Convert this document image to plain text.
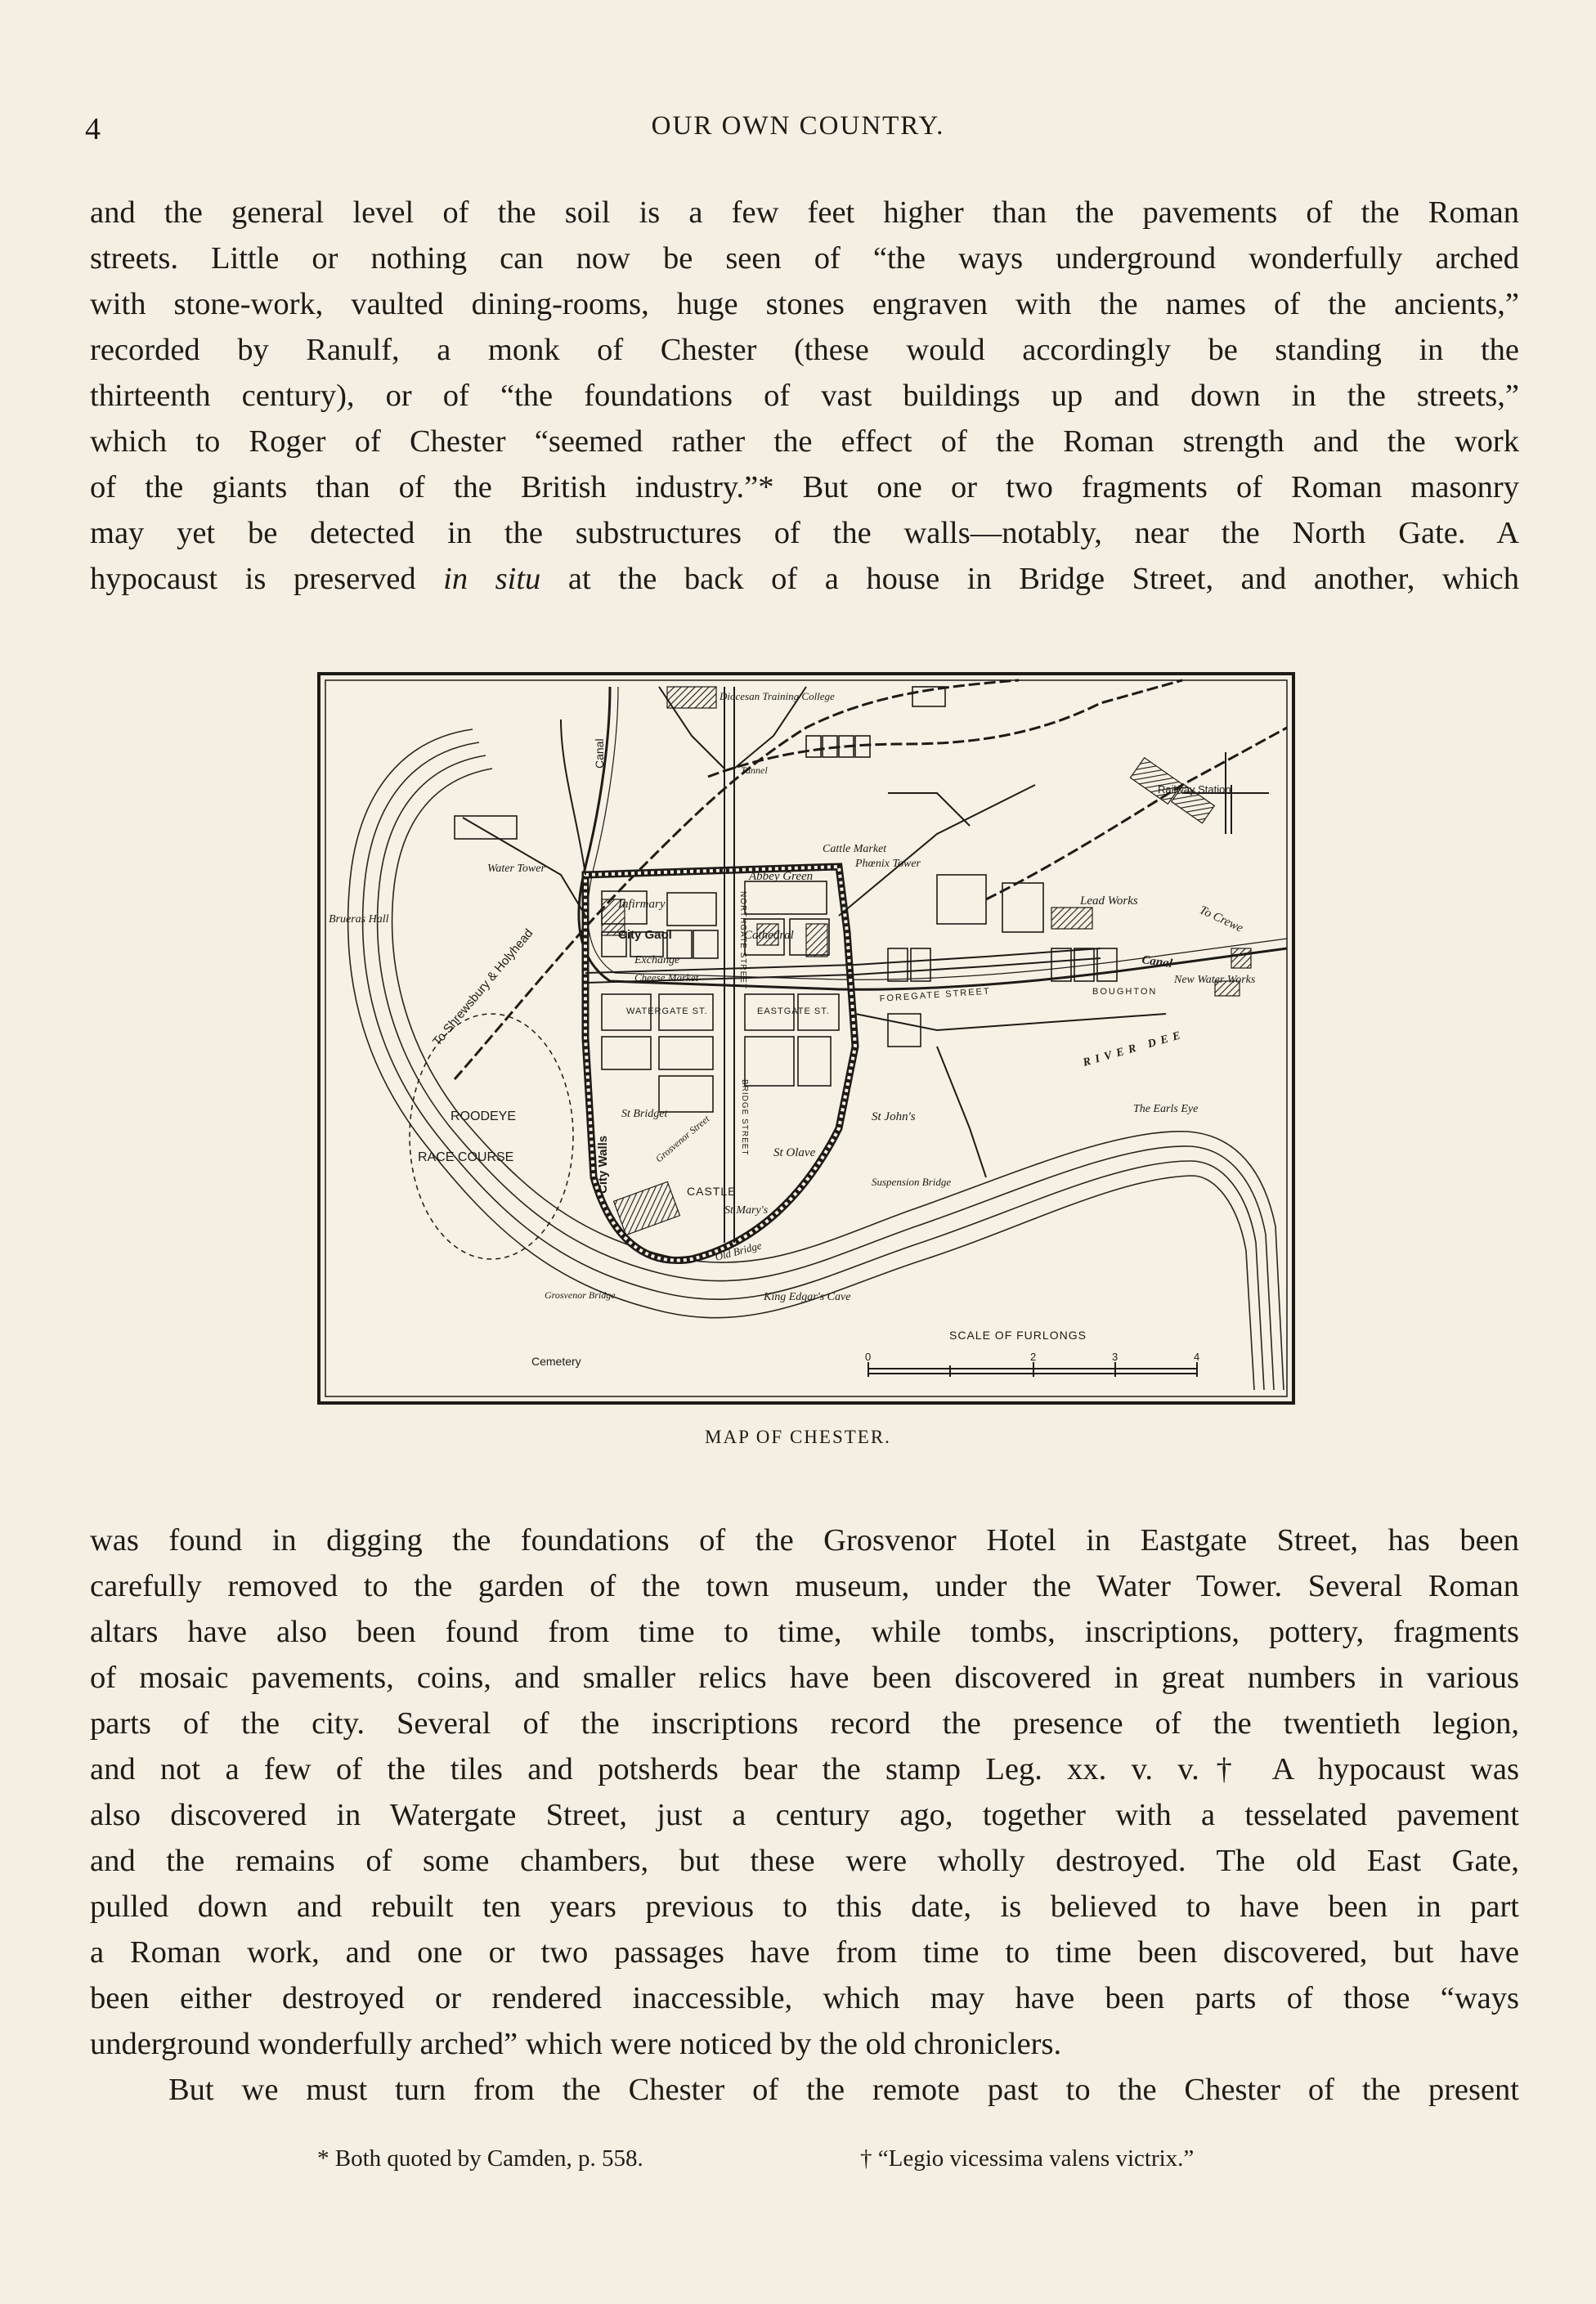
4	OUR OWN COUNTRY.

and the general level of the soil is a few feet higher than the pavements of the Roman
streets. Little or nothing can now be seen of “the ways underground wonderfully arched
with stone-work, vaulted dining-rooms, huge stones engraven with the names of the ancients,”
recorded by Ranulf, a monk of Chester (these would accordingly be standing in the
thirteenth century), or of “the foundations of vast buildings up and down in the streets,”
which to Roger of Chester “seemed rather the effect of the Roman strength and the work
of the giants than of the British industry.”* But one or two fragments of Roman masonry
may yet be detected in the substructures of the walls—notably, near the North Gate. A
hypocaust is preserved in situ at the back of a house in Bridge Street, and another, which

Diocesan Training College
Tunnel
Canal
Railway Station
Cattle Market
Phœnix Tower
Water Tower
Abbey Green
Infirmary
City Gaol	Cathedral
Exchange
Cheese Market
Brueras Hall
Lead Works
To Crewe
Canal
New Water Works
To Shrewsbury & Holyhead	FOREGATE STREET	BOUGHTON
WATERGATE ST.	EASTGATE ST.
NORTHGATE STREET
BRIDGE STREET
ROODEYE
RACE COURSE	City Walls	Grosvenor Street
St Bridget
St Olave
St John's
CASTLE
St Mary's
The Earls Eye
RIVER DEE
Suspension Bridge
Old Bridge
Grosvenor Bridge	King Edgar's Cave
Cemetery
SCALE OF FURLONGS
0	2	3	4
MAP OF CHESTER.

was found in digging the foundations of the Grosvenor Hotel in Eastgate Street, has been
carefully removed to the garden of the town museum, under the Water Tower. Several Roman
altars have also been found from time to time, while tombs, inscriptions, pottery, fragments
of mosaic pavements, coins, and smaller relics have been discovered in great numbers in various
parts of the city. Several of the inscriptions record the presence of the twentieth legion,
and not a few of the tiles and potsherds bear the stamp Leg. xx. v. v.† A hypocaust was
also discovered in Watergate Street, just a century ago, together with a tesselated pavement
and the remains of some chambers, but these were wholly destroyed. The old East Gate,
pulled down and rebuilt ten years previous to this date, is believed to have been in part
a Roman work, and one or two passages have from time to time been discovered, but have
been either destroyed or rendered inaccessible, which may have been parts of those “ways
underground wonderfully arched” which were noticed by the old chroniclers.
But we must turn from the Chester of the remote past to the Chester of the present

* Both quoted by Camden, p. 558.	† “Legio vicessima valens victrix.”
